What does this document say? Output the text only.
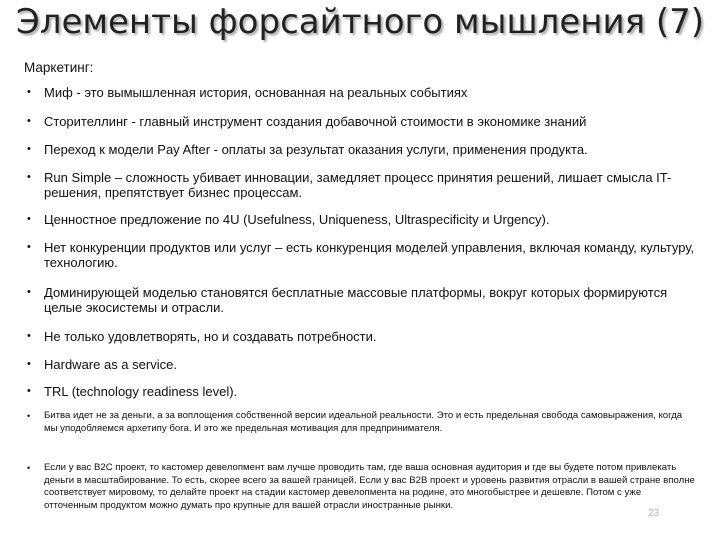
Элементы форсайтного мышления (7)
Маркетинг:
• Миф - это вымышленная история, основанная на реальных событиях
• Сторителлинг - главный инструмент создания добавочной стоимости в экономике знаний
• Переход к модели Pay After - оплаты за результат оказания услуги, применения продукта.
• Run Simple – сложность убивает инновации, замедляет процесс принятия решений, лишает смысла IT-решения, препятствует бизнес процессам.
• Ценностное предложение по 4U (Usefulness, Uniqueness, Ultraspecificity и Urgency).
• Нет конкуренции продуктов или услуг – есть конкуренция моделей управления, включая команду, культуру, технологию.
• Доминирующей моделью становятся бесплатные массовые платформы, вокруг которых формируются целые экосистемы и отрасли.
• Не только удовлетворять, но и создавать потребности.
• Hardware as a service.
• TRL (technology readiness level).
• Битва идет не за деньги, а за воплощения собственной версии идеальной реальности. Это и есть предельная свобода самовыражения, когда мы уподобляемся архетипу бога. И это же предельная мотивация для предпринимателя.
• Если у вас B2C проект, то кастомер девелопмент вам лучше проводить там, где ваша основная аудитория и где вы будете потом привлекать деньги в масштабирование. То есть, скорее всего за вашей границей. Если у вас B2B проект и уровень развития отрасли в вашей стране вполне соответствует мировому, то делайте проект на стадии кастомер девелопмента на родине, это многобыстрее и дешевле. Потом с уже отточенным продуктом можно думать про крупные для вашей отрасли иностранные рынки.
23
